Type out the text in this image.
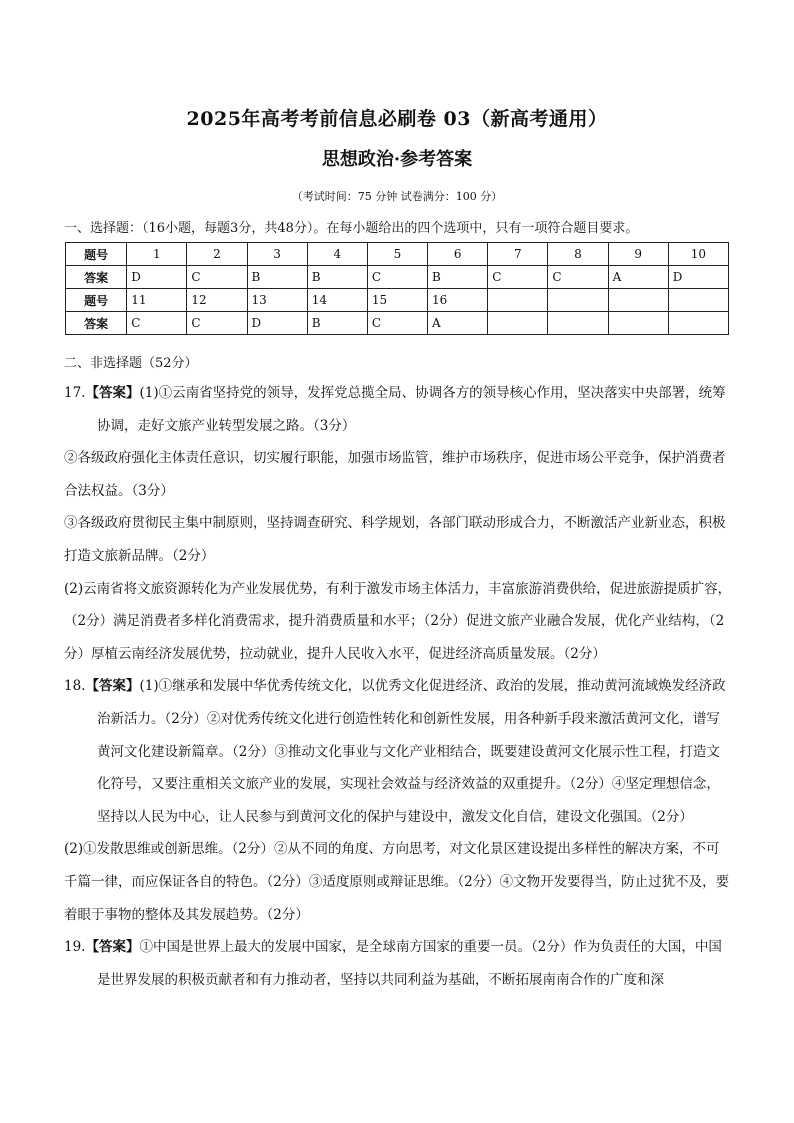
2025年高考考前信息必刷卷 03（新高考通用）
思想政治·参考答案
（考试时间：75 分钟 试卷满分：100 分）
一、选择题：（16小题，每题3分，共48分）。在每小题给出的四个选项中，只有一项符合题目要求。
题号	1	2	3	4	5	6	7	8	9	10
答案	D	C	B	B	C	B	C	C	A	D
题号	11	12	13	14	15	16				
答案	C	C	D	B	C	A				
二、非选择题（52分）
17.【答案】(1)①云南省坚持党的领导，发挥党总揽全局、协调各方的领导核心作用，坚决落实中央部署，统筹协调，走好文旅产业转型发展之路。（3分）

②各级政府强化主体责任意识，切实履行职能，加强市场监管，维护市场秩序，促进市场公平竞争，保护消费者合法权益。（3分）

③各级政府贯彻民主集中制原则，坚持调查研究、科学规划，各部门联动形成合力，不断激活产业新业态，积极打造文旅新品牌。（2分）

(2)云南省将文旅资源转化为产业发展优势，有利于激发市场主体活力，丰富旅游消费供给，促进旅游提质扩容，（2分）满足消费者多样化消费需求，提升消费质量和水平；（2分）促进文旅产业融合发展，优化产业结构，（2分）厚植云南经济发展优势，拉动就业，提升人民收入水平，促进经济高质量发展。（2分）

18.【答案】(1)①继承和发展中华优秀传统文化，以优秀文化促进经济、政治的发展，推动黄河流域焕发经济政治新活力。（2分）②对优秀传统文化进行创造性转化和创新性发展，用各种新手段来激活黄河文化，谱写黄河文化建设新篇章。（2分）③推动文化事业与文化产业相结合，既要建设黄河文化展示性工程，打造文化符号，又要注重相关文旅产业的发展，实现社会效益与经济效益的双重提升。（2分）④坚定理想信念，坚持以人民为中心，让人民参与到黄河文化的保护与建设中，激发文化自信，建设文化强国。（2分）

(2)①发散思维或创新思维。（2分）②从不同的角度、方向思考，对文化景区建设提出多样性的解决方案，不可千篇一律，而应保证各自的特色。（2分）③适度原则或辩证思维。（2分）④文物开发要得当，防止过犹不及，要着眼于事物的整体及其发展趋势。（2分）

19.【答案】①中国是世界上最大的发展中国家，是全球南方国家的重要一员。（2分）作为负责任的大国，中国是世界发展的积极贡献者和有力推动者，坚持以共同利益为基础，不断拓展南南合作的广度和深
